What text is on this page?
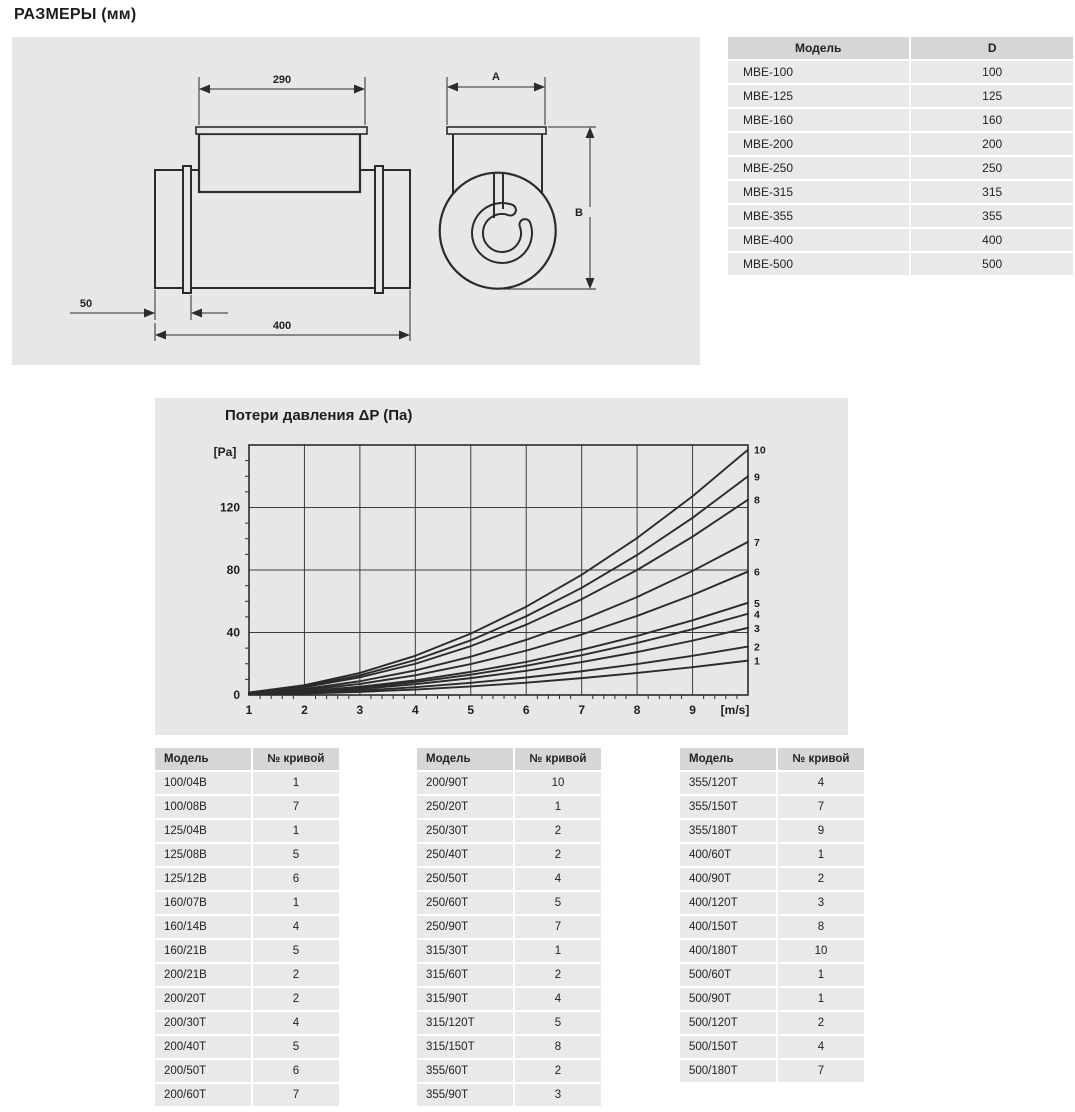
РАЗМЕРЫ (мм)
290
50
400
A
B
Модель	D
МВЕ-100	100
МВЕ-125	125
МВЕ-160	160
МВЕ-200	200
МВЕ-250	250
МВЕ-315	315
МВЕ-355	355
МВЕ-400	400
МВЕ-500	500
Потери давления ΔP (Па)
1	2	3	4	5	6	7	8	9
0
40
80
120
[m/s]
[Pa]
1
2
3
4
5
6
7
8
9
10
Модель	№ кривой
100/04В	1
100/08В	7
125/04В	1
125/08В	5
125/12В	6
160/07В	1
160/14В	4
160/21В	5
200/21В	2
200/20Т	2
200/30Т	4
200/40Т	5
200/50Т	6
200/60Т	7
Модель	№ кривой
200/90Т	10
250/20Т	1
250/30Т	2
250/40Т	2
250/50Т	4
250/60Т	5
250/90Т	7
315/30Т	1
315/60Т	2
315/90Т	4
315/120Т	5
315/150Т	8
355/60Т	2
355/90Т	3
Модель	№ кривой
355/120Т	4
355/150Т	7
355/180Т	9
400/60Т	1
400/90Т	2
400/120Т	3
400/150Т	8
400/180Т	10
500/60Т	1
500/90Т	1
500/120Т	2
500/150Т	4
500/180Т	7
